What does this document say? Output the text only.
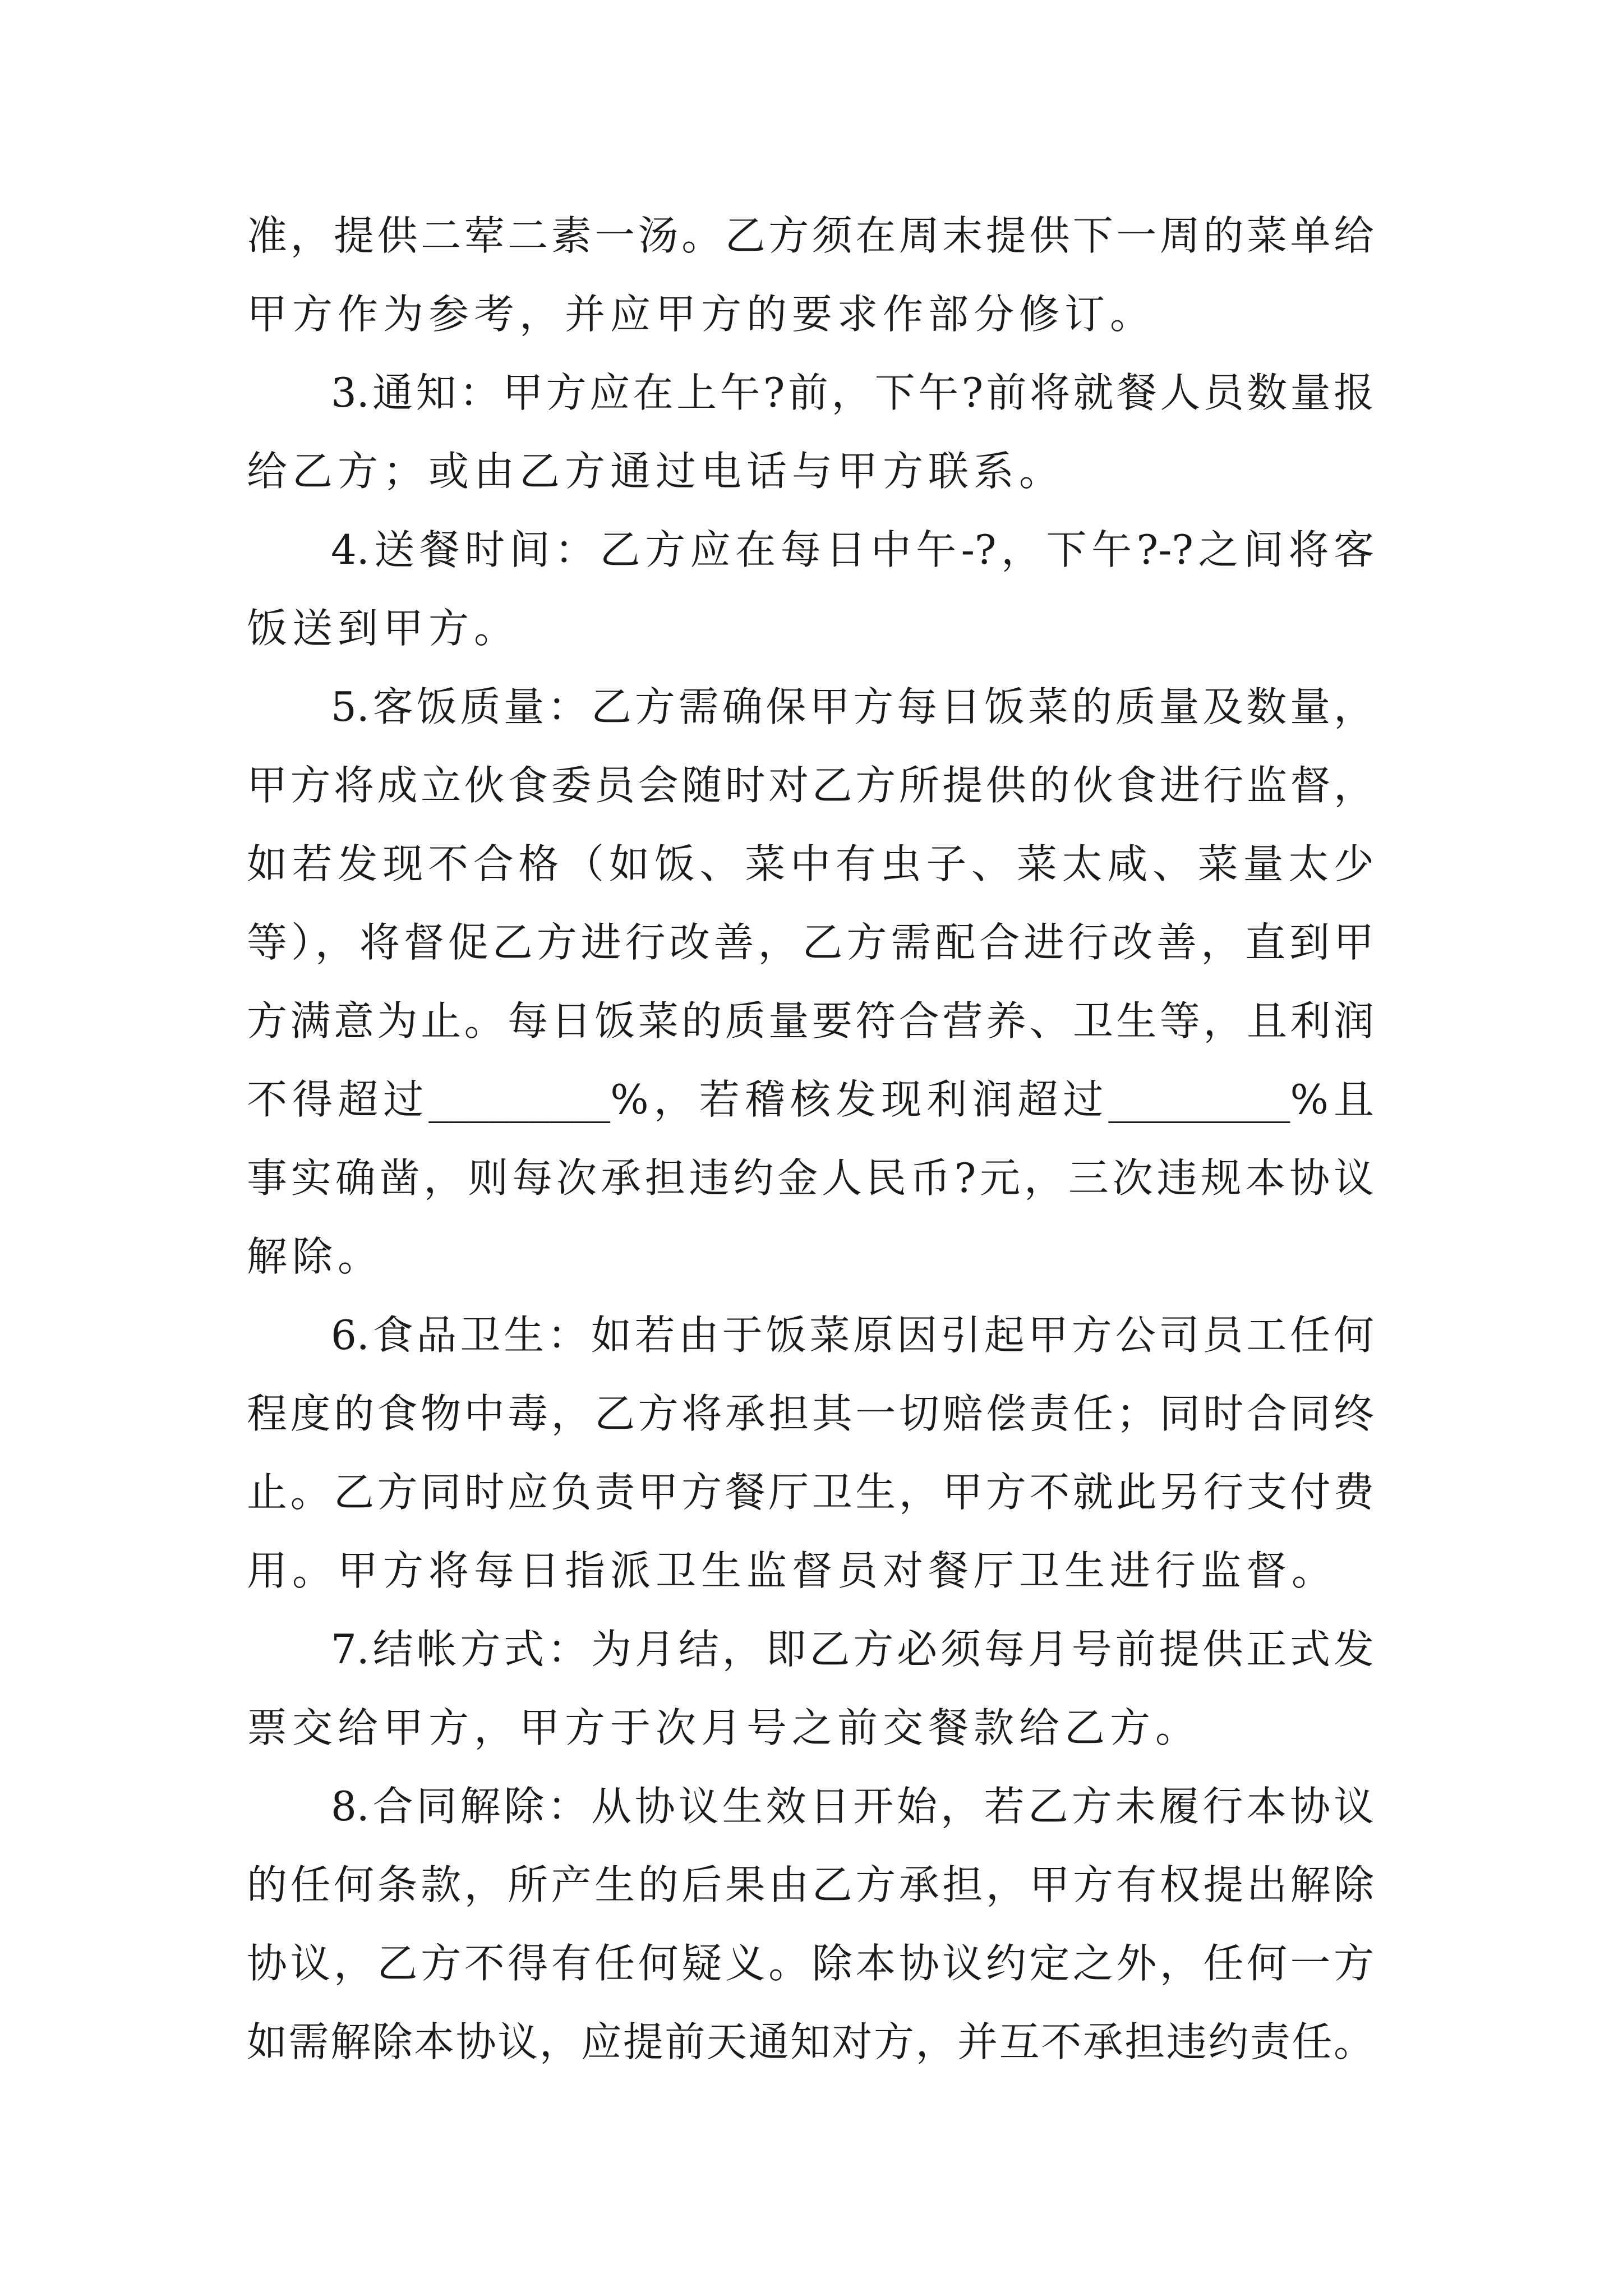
准，提供二荤二素一汤。乙方须在周末提供下一周的菜单给
甲方作为参考，并应甲方的要求作部分修订。
3.通知：甲方应在上午?前，下午?前将就餐人员数量报
给乙方；或由乙方通过电话与甲方联系。
4.送餐时间：乙方应在每日中午-?，下午?-?之间将客
饭送到甲方。
5.客饭质量：乙方需确保甲方每日饭菜的质量及数量，
甲方将成立伙食委员会随时对乙方所提供的伙食进行监督，
如若发现不合格（如饭、菜中有虫子、菜太咸、菜量太少
等），将督促乙方进行改善，乙方需配合进行改善，直到甲
方满意为止。每日饭菜的质量要符合营养、卫生等，且利润
不得超过_________%，若稽核发现利润超过_________%且
事实确凿，则每次承担违约金人民币?元，三次违规本协议
解除。
6.食品卫生：如若由于饭菜原因引起甲方公司员工任何
程度的食物中毒，乙方将承担其一切赔偿责任；同时合同终
止。乙方同时应负责甲方餐厅卫生，甲方不就此另行支付费
用。甲方将每日指派卫生监督员对餐厅卫生进行监督。
7.结帐方式：为月结，即乙方必须每月号前提供正式发
票交给甲方，甲方于次月号之前交餐款给乙方。
8.合同解除：从协议生效日开始，若乙方未履行本协议
的任何条款，所产生的后果由乙方承担，甲方有权提出解除
协议，乙方不得有任何疑义。除本协议约定之外，任何一方
如需解除本协议，应提前天通知对方，并互不承担违约责任。
